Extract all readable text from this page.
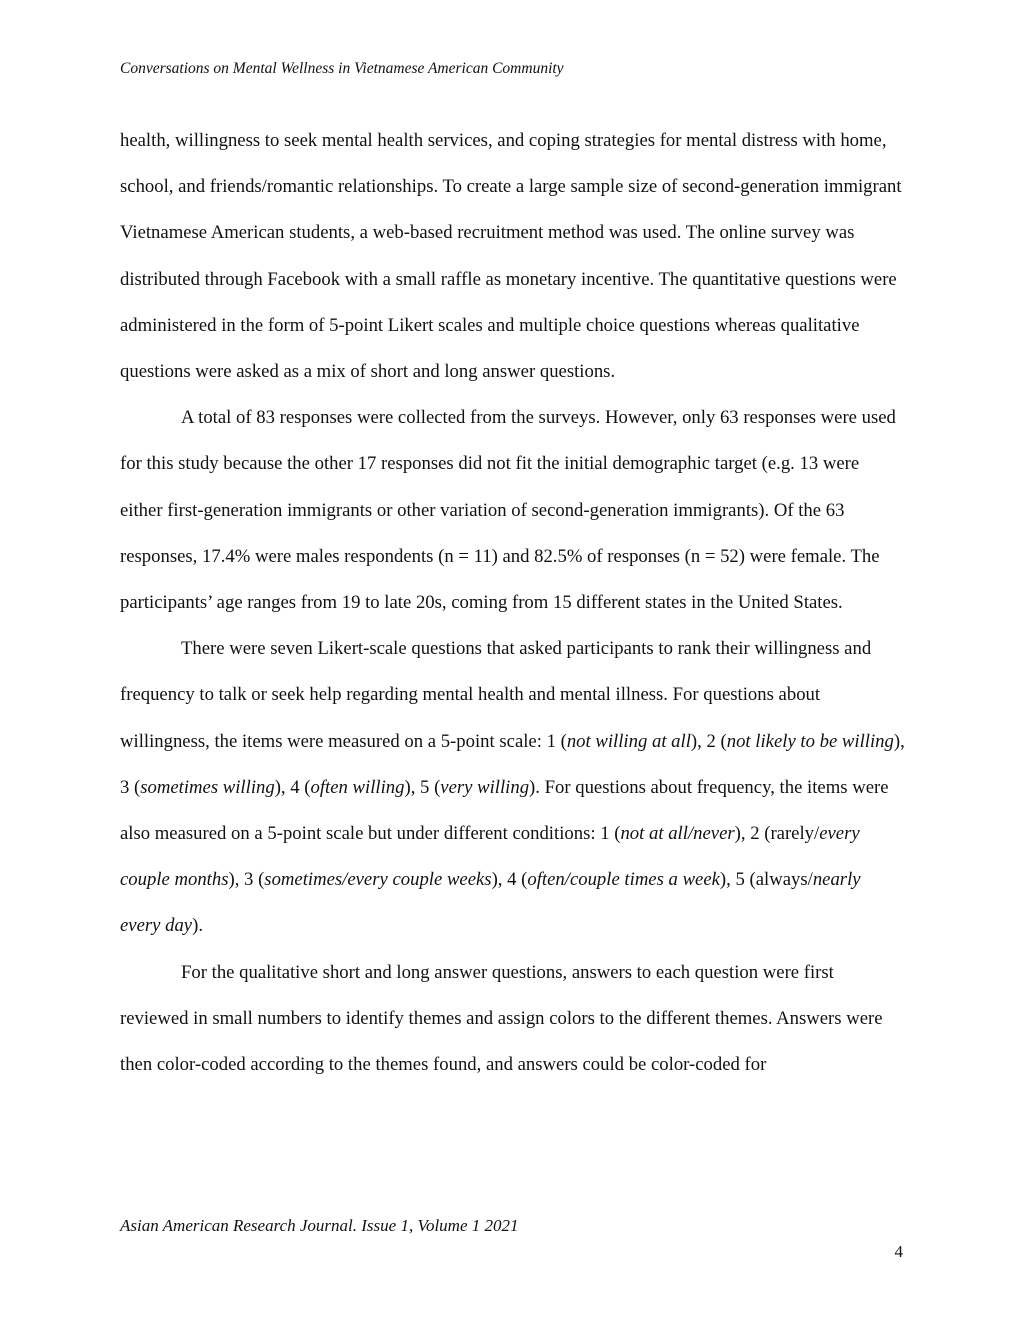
Conversations on Mental Wellness in Vietnamese American Community

health, willingness to seek mental health services, and coping strategies for mental distress with home, school, and friends/romantic relationships. To create a large sample size of second-generation immigrant Vietnamese American students, a web-based recruitment method was used. The online survey was distributed through Facebook with a small raffle as monetary incentive. The quantitative questions were administered in the form of 5-point Likert scales and multiple choice questions whereas qualitative questions were asked as a mix of short and long answer questions.

A total of 83 responses were collected from the surveys. However, only 63 responses were used for this study because the other 17 responses did not fit the initial demographic target (e.g. 13 were either first-generation immigrants or other variation of second-generation immigrants). Of the 63 responses, 17.4% were males respondents (n = 11) and 82.5% of responses (n = 52) were female. The participants’ age ranges from 19 to late 20s, coming from 15 different states in the United States.

There were seven Likert-scale questions that asked participants to rank their willingness and frequency to talk or seek help regarding mental health and mental illness. For questions about willingness, the items were measured on a 5-point scale: 1 (not willing at all), 2 (not likely to be willing), 3 (sometimes willing), 4 (often willing), 5 (very willing). For questions about frequency, the items were also measured on a 5-point scale but under different conditions: 1 (not at all/never), 2 (rarely/every couple months), 3 (sometimes/every couple weeks), 4 (often/couple times a week), 5 (always/nearly every day).

For the qualitative short and long answer questions, answers to each question were first reviewed in small numbers to identify themes and assign colors to the different themes. Answers were then color-coded according to the themes found, and answers could be color-coded for

Asian American Research Journal. Issue 1, Volume 1 2021
4
